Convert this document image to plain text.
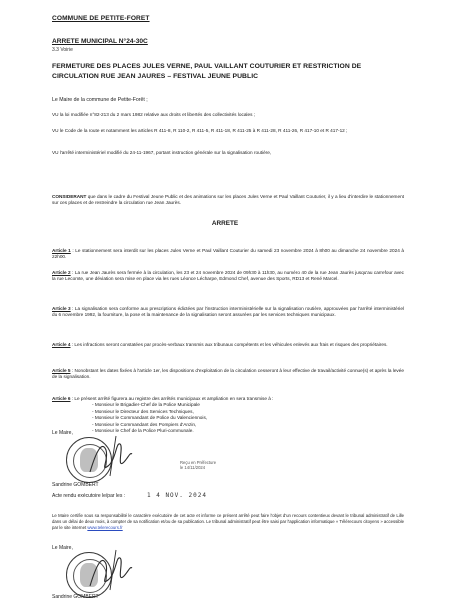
COMMUNE DE PETITE-FORET
ARRETE MUNICIPAL N°24-30C
3.3 Voirie
FERMETURE DES PLACES JULES VERNE, PAUL VAILLANT COUTURIER ET RESTRICTION DE CIRCULATION RUE JEAN JAURES – FESTIVAL JEUNE PUBLIC
Le Maire de la commune de Petite-Forêt ;
VU la loi modifiée n°82-213 du 2 mars 1982 relative aux droits et libertés des collectivités locales ;
VU le Code de la route et notamment les articles R 411-8, R 110-2, R 411-5, R 411-18, R 411-25 à R 411-28, R 411-26, R 417-10 et R 417-12 ;
VU l'arrêté interministériel modifié du 24-11-1967, portant instruction générale sur la signalisation routière,
CONSIDERANT que dans le cadre du Festival Jeune Public et des animations sur les places Jules Verne et Paul Vaillant Couturier, il y a lieu d'interdire le stationnement sur ces places et de restreindre la circulation rue Jean Jaurès.
ARRETE
Article 1 : Le stationnement sera interdit sur les places Jules Verne et Paul Vaillant Couturier du samedi 23 novembre 2024 à 8h00 au dimanche 24 novembre 2024 à 22h00.
Article 2 : La rue Jean Jaurès sera fermée à la circulation, les 23 et 24 novembre 2024 de 09h30 à 11h30, au numéro 40 de la rue Jean Jaurès jusqu'au carrefour avec la rue Lecomte, une déviation sera mise en place via les rues Léonce Lécharpe, Edmond Chef, avenue des Sports, RD13 et René Marcel.
Article 3 : La signalisation sera conforme aux prescriptions édictées par l'instruction interministérielle sur la signalisation routière, approuvées par l'arrêté interministériel du 6 novembre 1992, la fourniture, la pose et la maintenance de la signalisation seront assurées par les services techniques municipaux.
Article 4 : Les infractions seront constatées par procès-verbaux transmis aux tribunaux compétents et les véhicules enlevés aux frais et risques des propriétaires.
Article 5 : Nonobstant les dates fixées à l'article 1er, les dispositions d'exploitation de la circulation cesseront à leur effective de travail/activité connue(s) et après la levée de la signalisation.
Article 6 : Le présent arrêté figurera au registre des arrêtés municipaux et ampliation en sera transmise à :
- Monsieur le Brigadier-Chef de la Police Municipale
- Monsieur le Directeur des Services Techniques,
- Monsieur le Commandant de Police du Valenciennois,
- Monsieur le Commandant des Pompiers d'Anzin,
- Monsieur le Chef de la Police Pluri-communale.
Le Maire,
Sandrine GOMBERT
Acte rendu exécutoire le/par les :	1 4 NOV. 2024
Reçu en Préfecture
le 14/11/2024
Le Maire certifie sous sa responsabilité le caractère exécutoire de cet acte et informe ce présent arrêté peut faire l'objet d'un recours contentieux devant le tribunal administratif de Lille dans un délai de deux mois, à compter de sa notification et/ou de sa publication. Le tribunal administratif peut être saisi par l'application informatique « Télérecours citoyens » accessible par le site internet www.telerecours.fr
Le Maire,
Sandrine GOMBERT
